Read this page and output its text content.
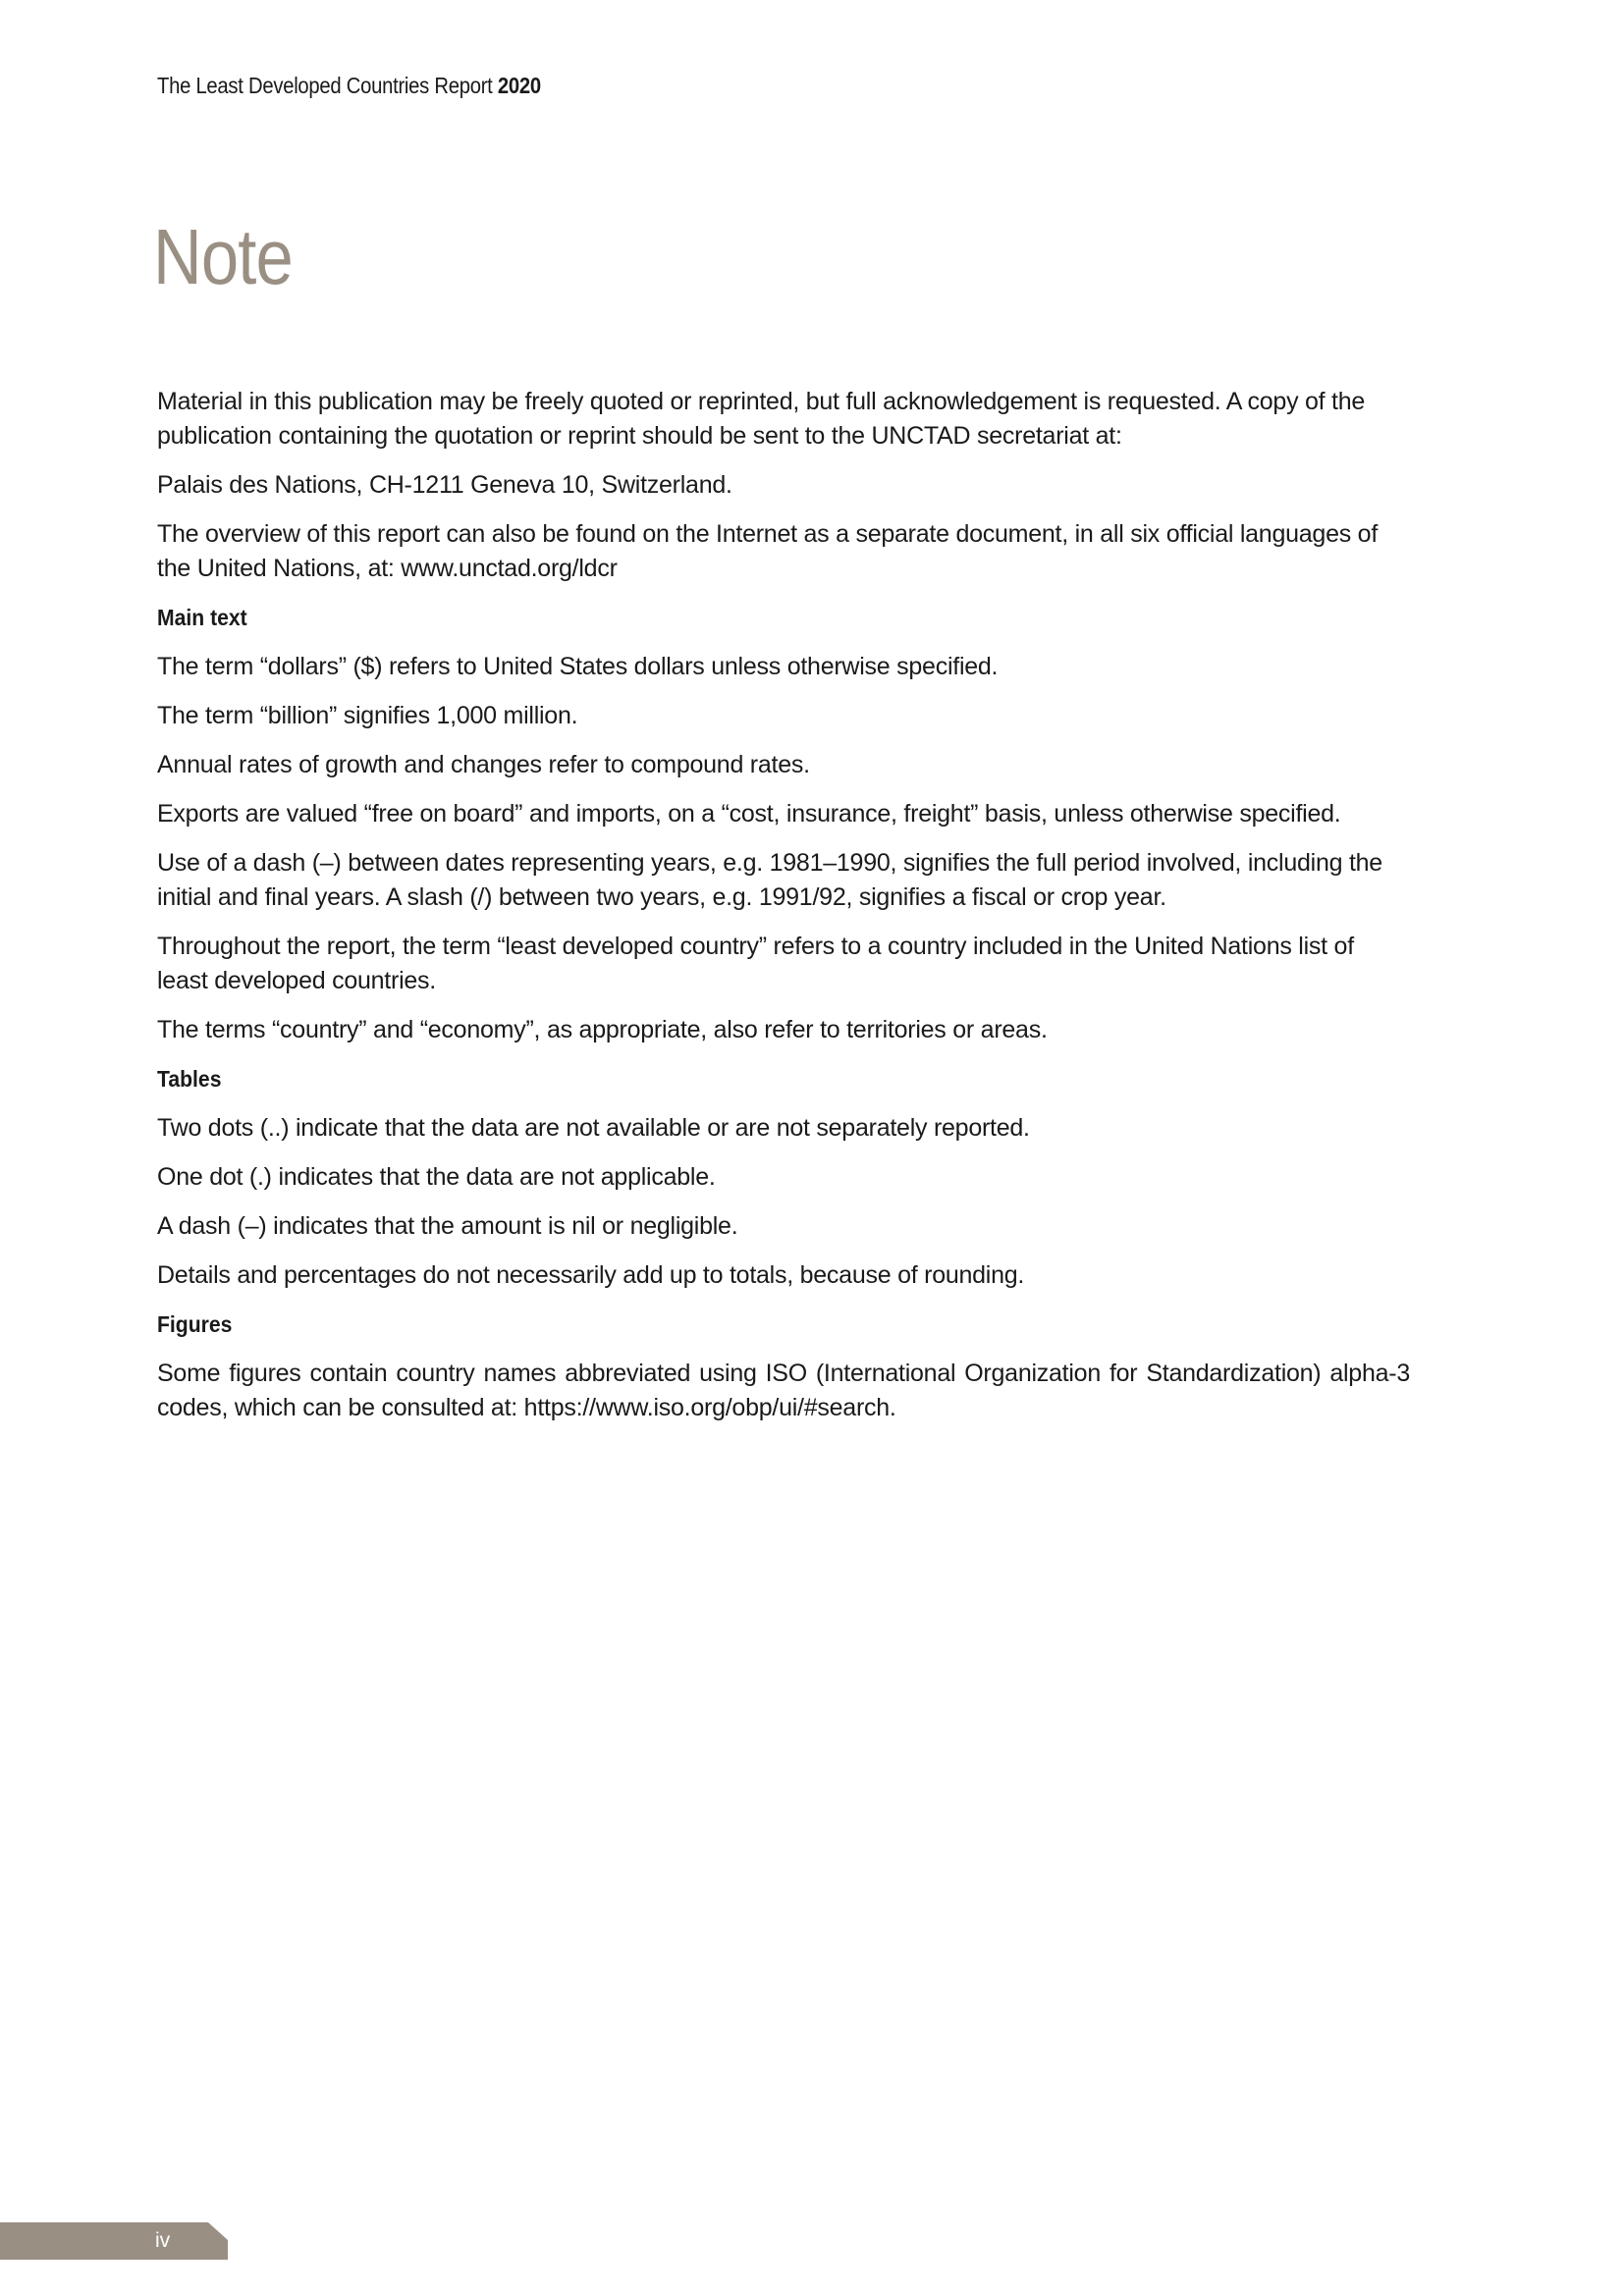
The Least Developed Countries Report 2020
Note

Material in this publication may be freely quoted or reprinted, but full acknowledgement is requested. A copy of the publication containing the quotation or reprint should be sent to the UNCTAD secretariat at:

Palais des Nations, CH-1211 Geneva 10, Switzerland.

The overview of this report can also be found on the Internet as a separate document, in all six official languages of the United Nations, at: www.unctad.org/ldcr

Main text

The term “dollars” ($) refers to United States dollars unless otherwise specified.

The term “billion” signifies 1,000 million.

Annual rates of growth and changes refer to compound rates.

Exports are valued “free on board” and imports, on a “cost, insurance, freight” basis, unless otherwise specified.

Use of a dash (–) between dates representing years, e.g. 1981–1990, signifies the full period involved, including the initial and final years. A slash (/) between two years, e.g. 1991/92, signifies a fiscal or crop year.

Throughout the report, the term “least developed country” refers to a country included in the United Nations list of least developed countries.

The terms “country” and “economy”, as appropriate, also refer to territories or areas.

Tables

Two dots (..) indicate that the data are not available or are not separately reported.

One dot (.) indicates that the data are not applicable.

A dash (–) indicates that the amount is nil or negligible.

Details and percentages do not necessarily add up to totals, because of rounding.

Figures

Some figures contain country names abbreviated using ISO (International Organization for Standardization) alpha-3 codes, which can be consulted at: https://www.iso.org/obp/ui/#search.

iv
